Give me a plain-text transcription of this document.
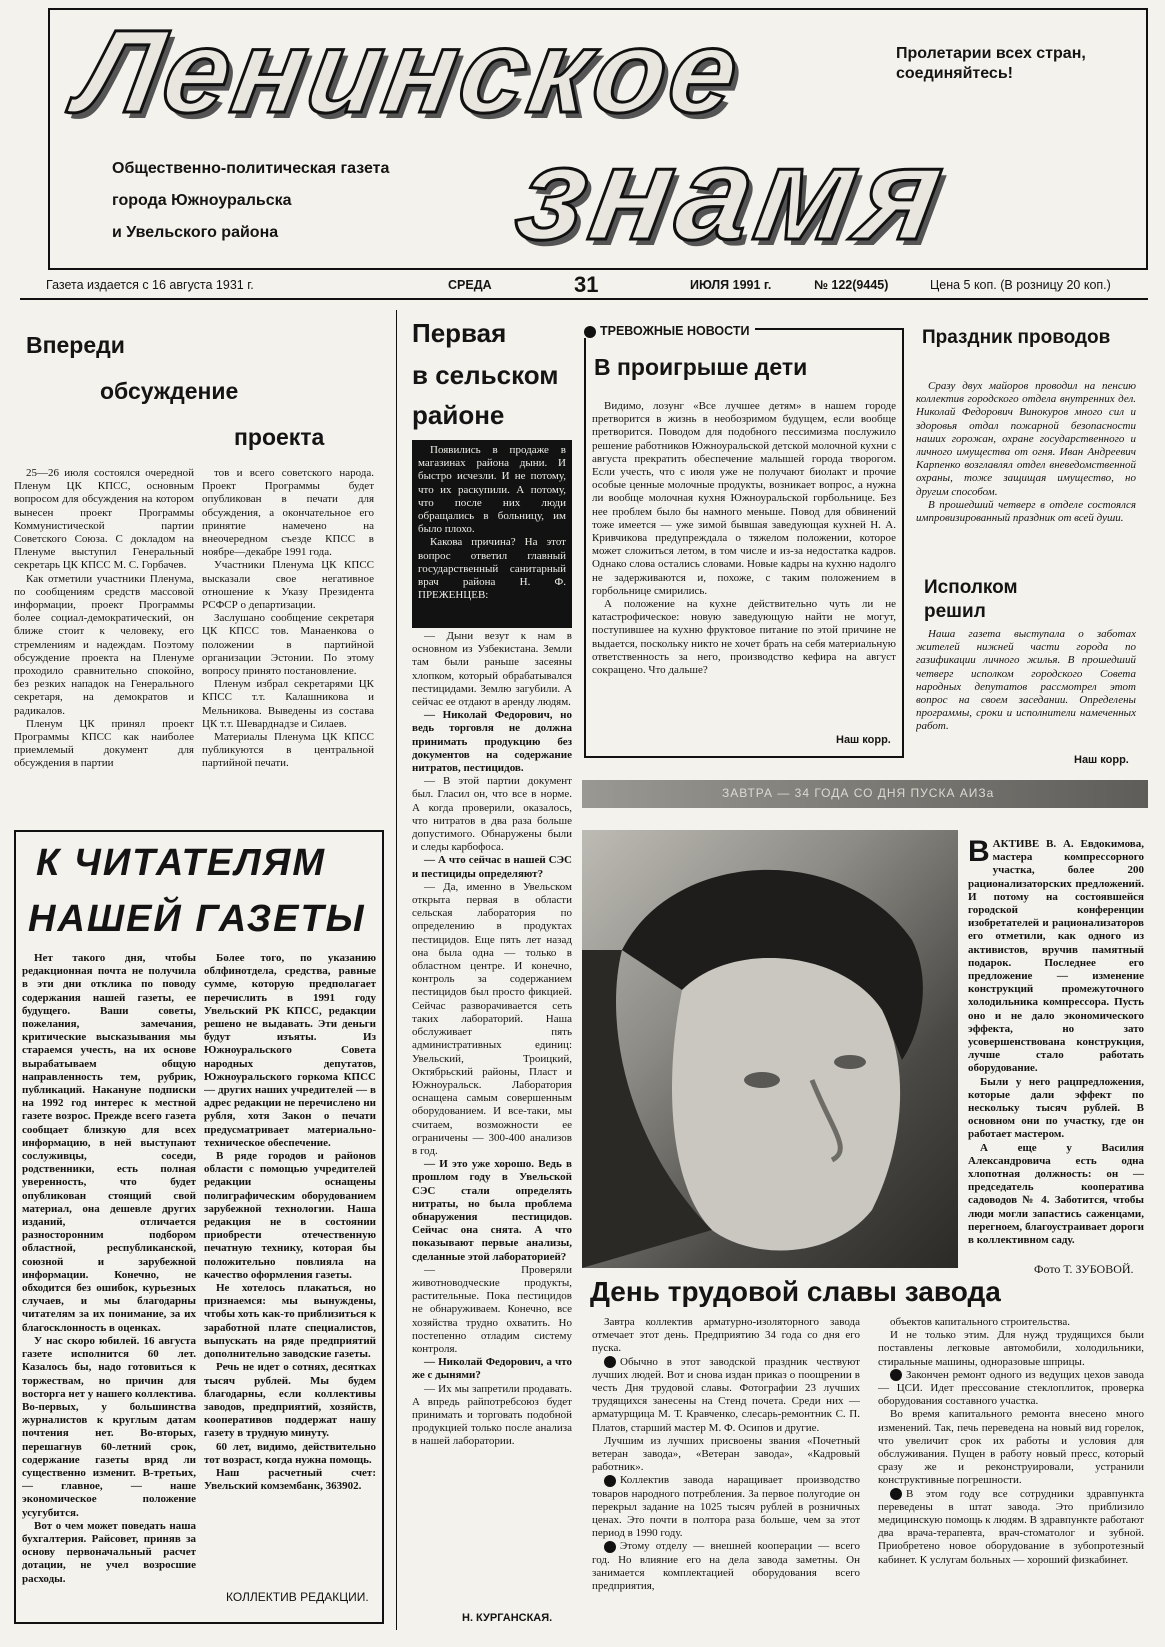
Ленинское
знамя
Пролетарии всех стран, соединяйтесь!
Общественно-политическая газета
города Южноуральска
и Увельского района
Газета издается с 16 августа 1931 г.	СРЕДА	31	ИЮЛЯ 1991 г.	№ 122(9445)	Цена 5 коп. (В розницу 20 коп.)
Впереди
обсуждение
проекта

25—26 июля состоялся очередной Пленум ЦК КПСС, основным вопросом для обсуждения на котором вынесен проект Программы Коммунистической партии Советского Союза. С докладом на Пленуме выступил Генеральный секретарь ЦК КПСС М. С. Горбачев.

Как отметили участники Пленума, по сообщениям средств массовой информации, проект Программы более социал-демократический, он ближе стоит к человеку, его стремлениям и надеждам. Поэтому обсуждение проекта на Пленуме проходило сравнительно спокойно, без резких нападок на Генерального секретаря, на демократов и радикалов.

Пленум ЦК принял проект Программы КПСС как наиболее приемлемый документ для обсуждения в партии

тов и всего советского народа. Проект Программы будет опубликован в печати для обсуждения, а окончательное его принятие намечено на внеочередном съезде КПСС в ноябре—декабре 1991 года.

Участники Пленума ЦК КПСС высказали свое негативное отношение к Указу Президента РСФСР о департизации.

Заслушано сообщение секретаря ЦК КПСС тов. Манаенкова о положении в партийной организации Эстонии. По этому вопросу принято постановление.

Пленум избрал секретарями ЦК КПСС т.т. Калашникова и Мельникова. Выведены из состава ЦК т.т. Шеварднадзе и Силаев.

Материалы Пленума ЦК КПСС публикуются в центральной партийной печати.

К ЧИТАТЕЛЯМ
НАШЕЙ ГАЗЕТЫ

Нет такого дня, чтобы редакционная почта не получила в эти дни отклика по поводу содержания нашей газеты, ее будущего. Ваши советы, пожелания, замечания, критические высказывания мы стараемся учесть, на их основе вырабатываем общую направленность тем, рубрик, публикаций. Накануне подписки на 1992 год интерес к местной газете возрос. Прежде всего газета сообщает близкую для всех информацию, в ней выступают сослуживцы, соседи, родственники, есть полная уверенность, что будет опубликован стоящий свой материал, она дешевле других изданий, отличается разносторонним подбором областной, республиканской, союзной и зарубежной информации. Конечно, не обходится без ошибок, курьезных случаев, и мы благодарны читателям за их понимание, за их благосклонность в оценках.

У нас скоро юбилей. 16 августа газете исполнится 60 лет. Казалось бы, надо готовиться к торжествам, но причин для восторга нет у нашего коллектива. Во-первых, у большинства журналистов к круглым датам почтения нет. Во-вторых, перешагнув 60-летний срок, содержание газеты вряд ли существенно изменит. В-третьих, — главное, — наше экономическое положение усугубится.

Вот о чем может поведать наша бухгалтерия. Райсовет, приняв за основу первоначальный расчет дотации, не учел возросшие расходы.

Более того, по указанию облфинотдела, средства, равные сумме, которую предполагает перечислить в 1991 году Увельский РК КПСС, редакции решено не выдавать. Эти деньги будут изъяты. Из Южноуральского Совета народных депутатов, Южноуральского горкома КПСС — других наших учредителей — в адрес редакции не перечислено ни рубля, хотя Закон о печати предусматривает материально-техническое обеспечение.

В ряде городов и районов области с помощью учредителей редакции оснащены полиграфическим оборудованием зарубежной технологии. Наша редакция не в состоянии приобрести отечественную печатную технику, которая бы положительно повлияла на качество оформления газеты.

Не хотелось плакаться, но признаемся: мы вынуждены, чтобы хоть как-то приблизиться к заработной плате специалистов, выпускать на ряде предприятий дополнительно заводские газеты.

Речь не идет о сотнях, десятках тысяч рублей. Мы будем благодарны, если коллективы заводов, предприятий, хозяйств, кооперативов поддержат нашу газету в трудную минуту.

60 лет, видимо, действительно тот возраст, когда нужна помощь.

Наш расчетный счет: Увельский комзембанк, 363902.

КОЛЛЕКТИВ РЕДАКЦИИ.
Первая
в сельском
районе

Появились в продаже в магазинах района дыни. И быстро исчезли. И не потому, что их раскупили. А потому, что после них люди обращались в больницу, им было плохо.

Какова причина? На этот вопрос ответил главный государственный санитарный врач района Н. Ф. ПРЕЖЕНЦЕВ:

— Дыни везут к нам в основном из Узбекистана. Земли там были раньше засеяны хлопком, который обрабатывался пестицидами. Землю загубили. А сейчас ее отдают в аренду людям.

— Николай Федорович, но ведь торговля не должна принимать продукцию без документов на содержание нитратов, пестицидов.

— В этой партии документ был. Гласил он, что все в норме. А когда проверили, оказалось, что нитратов в два раза больше допустимого. Обнаружены были и следы карбофоса.

— А что сейчас в нашей СЭС и пестициды определяют?

— Да, именно в Увельском открыта первая в области сельская лаборатория по определению в продуктах пестицидов. Еще пять лет назад она была одна — только в областном центре. И конечно, контроль за содержанием пестицидов был просто фикцией. Сейчас разворачивается сеть таких лабораторий. Наша обслуживает пять административных единиц: Увельский, Троицкий, Октябрьский районы, Пласт и Южноуральск. Лаборатория оснащена самым совершенным оборудованием. И все-таки, мы считаем, возможности ее ограничены — 300-400 анализов в год.

— И это уже хорошо. Ведь в прошлом году в Увельской СЭС стали определять нитраты, но была проблема обнаружения пестицидов. Сейчас она снята. А что показывают первые анализы, сделанные этой лабораторией?

— Проверяли животноводческие продукты, растительные. Пока пестицидов не обнаруживаем. Конечно, все хозяйства трудно охватить. Но постепенно отладим систему контроля.

— Николай Федорович, а что же с дынями?

— Их мы запретили продавать. А впредь райпотребсоюз будет принимать и торговать подобной продукцией только после анализа в нашей лаборатории.

Н. КУРГАНСКАЯ.
ТРЕВОЖНЫЕ НОВОСТИ
В проигрыше дети

Видимо, лозунг «Все лучшее детям» в нашем городе претворится в жизнь в необозримом будущем, если вообще претворится. Поводом для подобного пессимизма послужило решение работников Южноуральской детской молочной кухни с августа прекратить обеспечение малышей города творогом. Если учесть, что с июля уже не получают биолакт и прочие особые ценные молочные продукты, возникает вопрос, а нужна ли вообще молочная кухня Южноуральской горбольнице. Без нее проблем было бы намного меньше. Повод для обвинений тоже имеется — уже зимой бывшая заведующая кухней Н. А. Кривчикова предупреждала о тяжелом положении, которое может сложиться летом, в том числе и из-за недостатка кадров. Однако слова остались словами. Новые кадры на кухню надолго не задерживаются и, похоже, с таким положением в горбольнице смирились.

А положение на кухне действительно чуть ли не катастрофическое: новую заведующую найти не могут, поступившее на кухню фруктовое питание по этой причине не выдается, поскольку никто не хочет брать на себя материальную ответственность за него, производство кефира на август сокращено. Что дальше?

Наш корр.
Праздник проводов

Сразу двух майоров проводил на пенсию коллектив городского отдела внутренних дел. Николай Федорович Винокуров много сил и здоровья отдал пожарной безопасности наших горожан, охране государственного и личного имущества от огня. Иван Андреевич Карпенко возглавлял отдел вневедомственной охраны, тоже защищая имущество, но другим способом.

В прошедший четверг в отделе состоялся импровизированный праздник от всей души.

Исполком решил

Наша газета выступала о заботах жителей нижней части города по газификации личного жилья. В прошедший четверг исполком городского Совета народных депутатов рассмотрел этот вопрос на своем заседании. Определены программы, сроки и исполнители намеченных работ.

Наш корр.
ЗАВТРА — 34 ГОДА СО ДНЯ ПУСКА АИЗа

ВАКТИВЕ В. А. Евдокимова, мастера компрессорного участка, более 200 рационализаторских предложений. И потому на состоявшейся городской конференции изобретателей и рационализаторов его отметили, как одного из активистов, вручив памятный подарок. Последнее его предложение — изменение конструкций промежуточного холодильника компрессора. Пусть оно и не дало экономического эффекта, но зато усовершенствована конструкция, лучше стало работать оборудование.

Были у него рацпредложения, которые дали эффект по нескольку тысяч рублей. В основном они по участку, где он работает мастером.

А еще у Василия Александровича есть одна хлопотная должность: он — председатель кооператива садоводов № 4. Заботится, чтобы люди могли запастись саженцами, перегноем, благоустраивает дороги в коллективном саду.

Фото Т. ЗУБОВОЙ.
День трудовой славы завода

Завтра коллектив арматурно-изоляторного завода отмечает этот день. Предприятию 34 года со дня его пуска.

Обычно в этот заводской праздник чествуют лучших людей. Вот и снова издан приказ о поощрении в честь Дня трудовой славы. Фотографии 23 лучших трудящихся занесены на Стенд почета. Среди них — арматурщица М. Т. Кравченко, слесарь-ремонтник С. П. Платов, старший мастер М. Ф. Осипов и другие.

Лучшим из лучших присвоены звания «Почетный ветеран завода», «Ветеран завода», «Кадровый работник».

Коллектив завода наращивает производство товаров народного потребления. За первое полугодие он перекрыл задание на 1025 тысяч рублей в розничных ценах. Это почти в полтора раза больше, чем за этот период в 1990 году.

Этому отделу — внешней кооперации — всего год. Но влияние его на дела завода заметны. Он занимается комплектацией оборудования всего предприятия,

объектов капитального строительства.

И не только этим. Для нужд трудящихся были поставлены легковые автомобили, холодильники, стиральные машины, одноразовые шприцы.

Закончен ремонт одного из ведущих цехов завода — ЦСИ. Идет прессование стеклоплиток, проверка оборудования составного участка.

Во время капитального ремонта внесено много изменений. Так, печь переведена на новый вид горелок, что увеличит срок их работы и условия для обслуживания. Пущен в работу новый пресс, который сразу же и реконструировали, устранили конструктивные погрешности.

В этом году все сотрудники здравпункта переведены в штат завода. Это приблизило медицинскую помощь к людям. В здравпункте работают два врача-терапевта, врач-стоматолог и зубной. Приобретено новое оборудование в зубопротезный кабинет. К услугам больных — хороший физкабинет.
